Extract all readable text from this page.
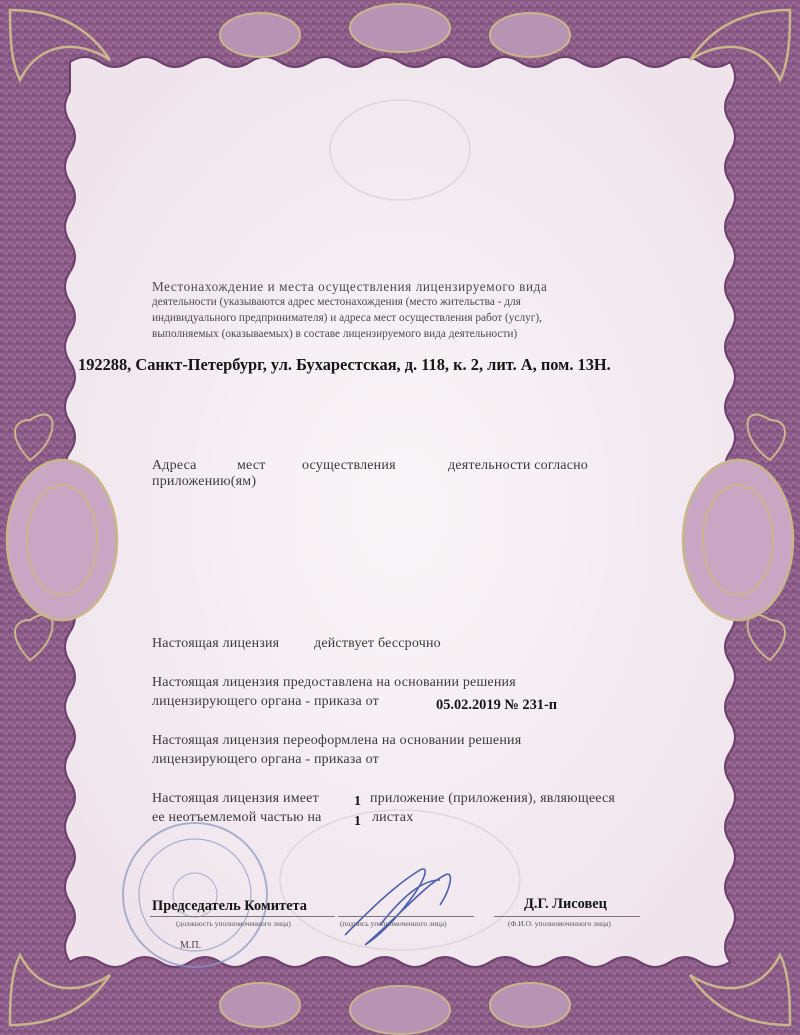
Местонахождение и места осуществления лицензируемого вида
деятельности (указываются адрес местонахождения (место жительства - для
индивидуального предпринимателя) и адреса мест осуществления работ (услуг),
выполняемых (оказываемых) в составе лицензируемого вида деятельности)
192288, Санкт-Петербург, ул. Бухарестская, д. 118, к. 2, лит. А, пом. 13Н.
Адреса	мест	осуществления	деятельности согласно
приложению(ям)
Настоящая лицензия действует бессрочно
Настоящая лицензия предоставлена на основании решения
лицензирующего органа - приказа от	05.02.2019 № 231-п
Настоящая лицензия переоформлена на основании решения
лицензирующего органа - приказа от
Настоящая лицензия имеет	1 приложение (приложения), являющееся
ее неотъемлемой частью на 1 листах
Председатель Комитета
(должность уполномоченного лица)	(подпись уполномоченного лица)
Д.Г. Лисовец
(Ф.И.О. уполномоченного лица)
М.П.
